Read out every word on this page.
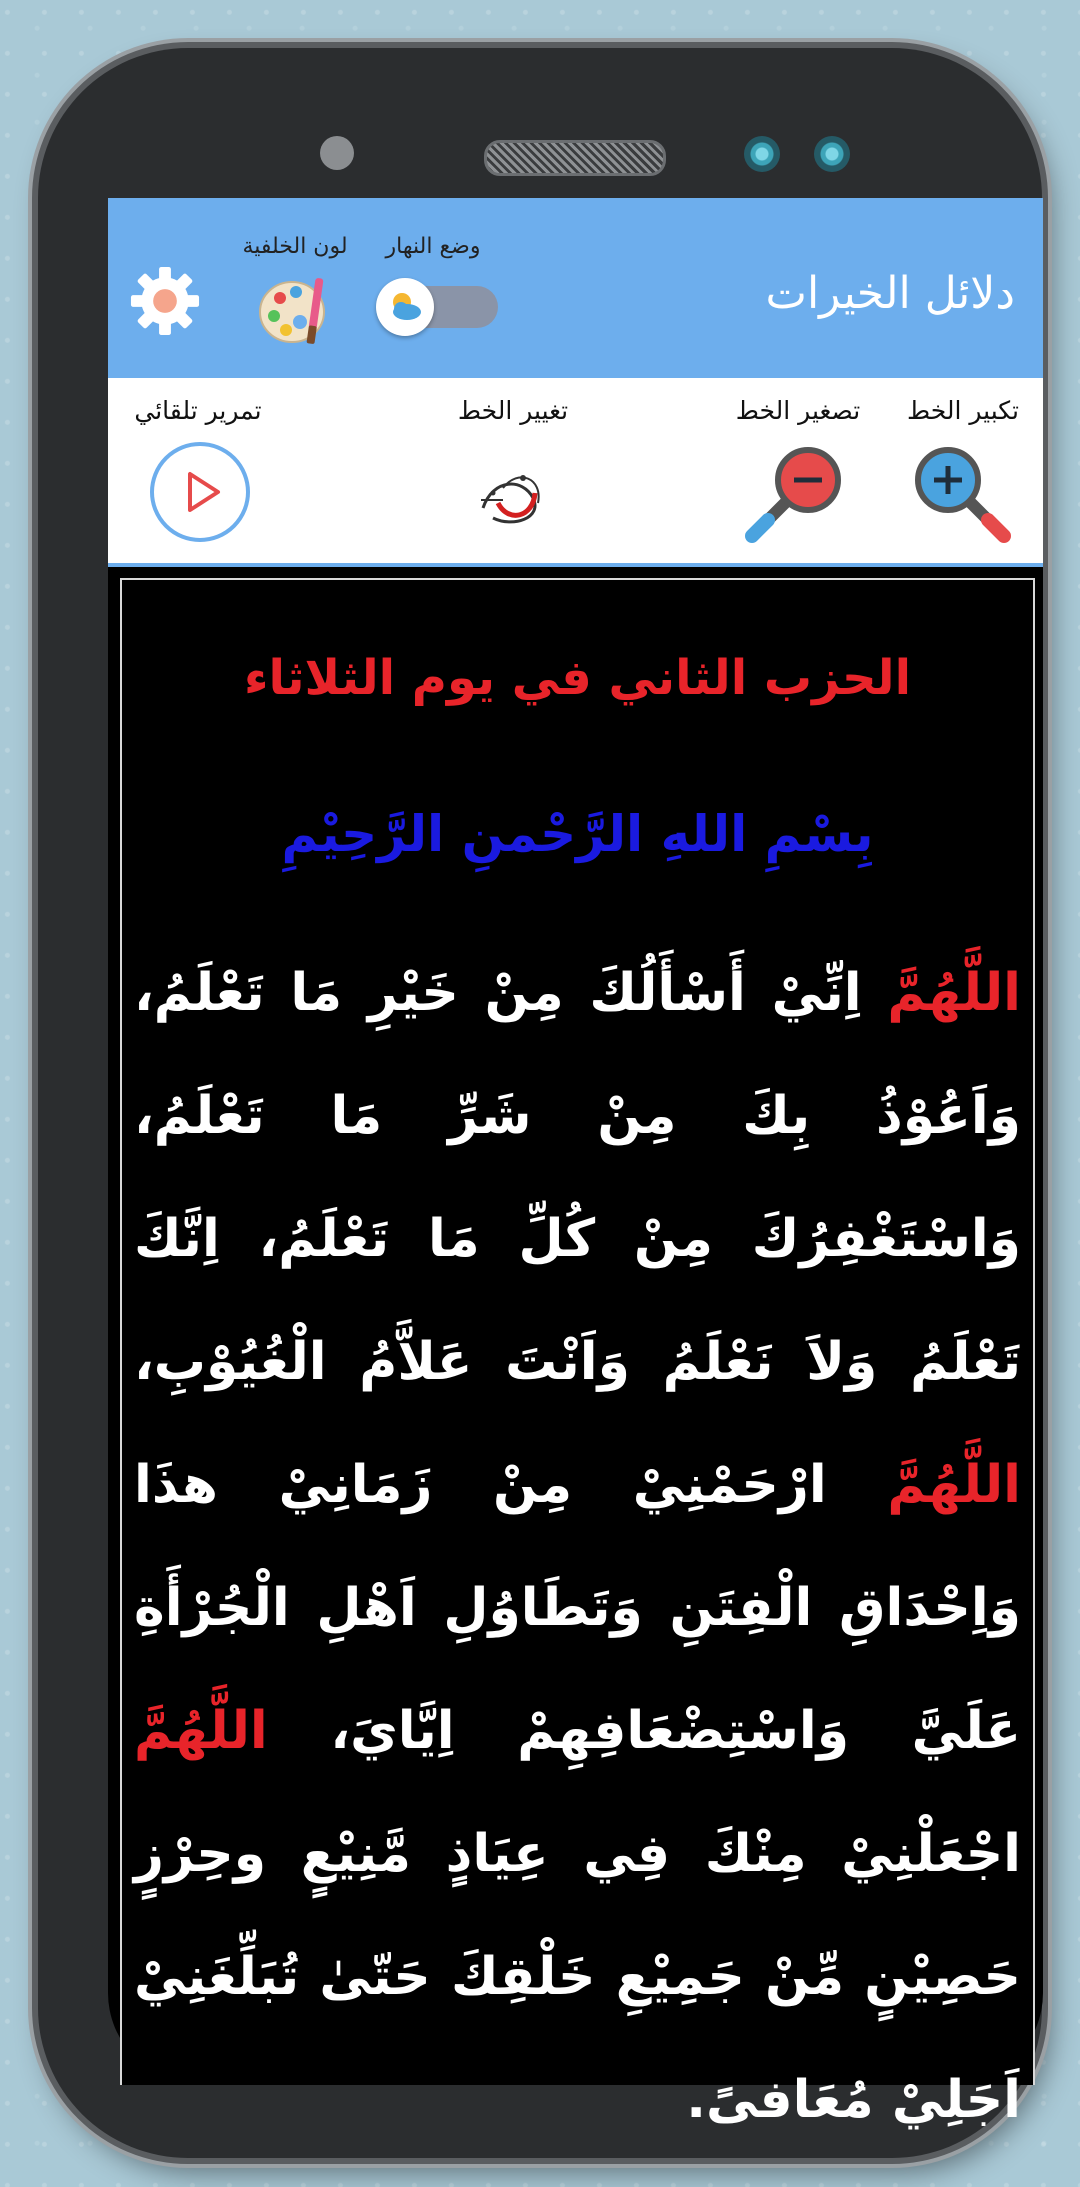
دلائل الخيرات
لون الخلفية	وضع النهار
تكبير الخط
تصغير الخط
تغيير الخط
تمرير تلقائي
الحزب الثاني في يوم الثلاثاء
بِسْمِ اللهِ الرَّحْمنِ الرَّحِيْمِ
اللَّهُمَّ اِنِّيْ أَسْأَلُكَ مِنْ خَيْرِ مَا تَعْلَمُ، وَاَعُوْذُ بِكَ مِنْ شَرِّ مَا تَعْلَمُ، وَاسْتَغْفِرُكَ مِنْ كُلِّ مَا تَعْلَمُ، اِنَّكَ تَعْلَمُ وَلاَ نَعْلَمُ وَاَنْتَ عَلاَّمُ الْغُيُوْبِ، اللَّهُمَّ ارْحَمْنِيْ مِنْ زَمَانِيْ هذَا وَاِحْدَاقِ الْفِتَنِ وَتَطَاوُلِ اَهْلِ الْجُرْأَةِ عَلَيَّ وَاسْتِضْعَافِهِمْ اِيَّايَ، اللَّهُمَّ اجْعَلْنِيْ مِنْكَ فِي عِيَاذٍ مَّنِيْعٍ وحِرْزٍ حَصِيْنٍ مِّنْ جَمِيْعِ خَلْقِكَ حَتّىٰ تُبَلِّغَنِيْ اَجَلِيْ مُعَافىً.
